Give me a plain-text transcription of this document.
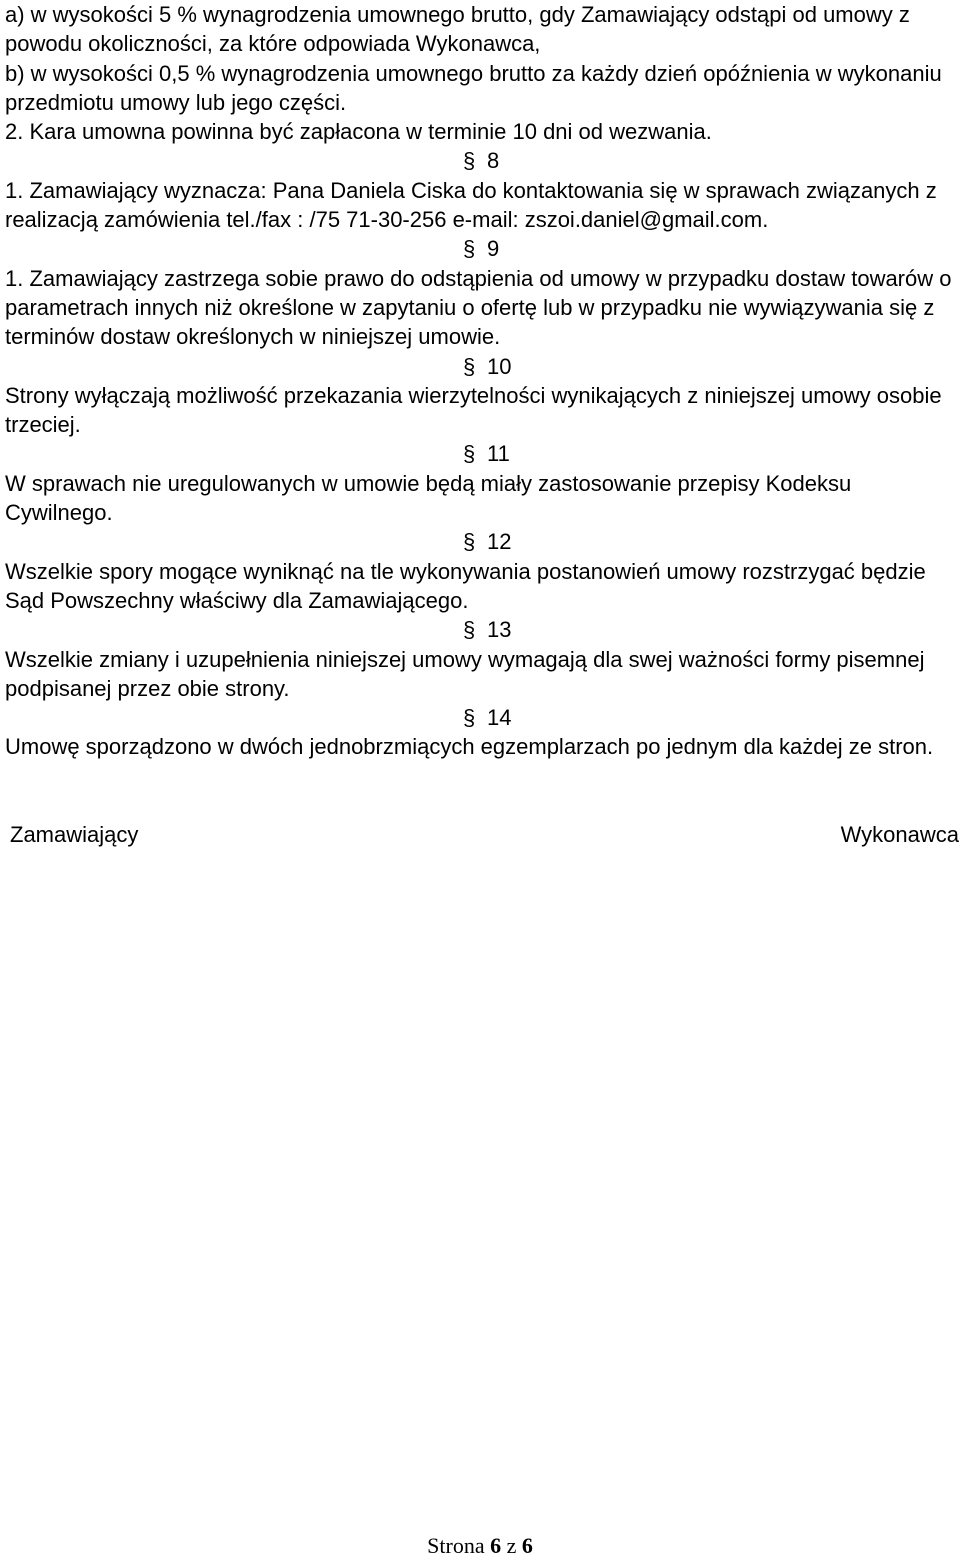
a) w wysokości 5 % wynagrodzenia umownego brutto, gdy Zamawiający odstąpi od umowy z powodu okoliczności, za które odpowiada Wykonawca,

b) w wysokości 0,5 % wynagrodzenia umownego brutto za każdy dzień opóźnienia w wykonaniu przedmiotu umowy lub jego części.

2. Kara umowna powinna być zapłacona w terminie 10 dni od wezwania.

§ 8

1. Zamawiający wyznacza: Pana Daniela Ciska do kontaktowania się w sprawach związanych z realizacją zamówienia tel./fax : /75 71-30-256 e-mail: zszoi.daniel@gmail.com.

§ 9

1. Zamawiający zastrzega sobie prawo do odstąpienia od umowy w przypadku dostaw towarów o parametrach innych niż określone w zapytaniu o ofertę lub w przypadku nie wywiązywania się z terminów dostaw określonych w niniejszej umowie.

§ 10

Strony wyłączają możliwość przekazania wierzytelności wynikających z niniejszej umowy osobie trzeciej.

§ 11

W sprawach nie uregulowanych w umowie będą miały zastosowanie przepisy Kodeksu Cywilnego.

§ 12

Wszelkie spory mogące wyniknąć na tle wykonywania postanowień umowy rozstrzygać będzie Sąd Powszechny właściwy dla Zamawiającego.

§ 13

Wszelkie zmiany i uzupełnienia niniejszej umowy wymagają dla swej ważności formy pisemnej podpisanej przez obie strony.

§ 14

Umowę sporządzono w dwóch jednobrzmiących egzemplarzach po jednym dla każdej ze stron.

Zamawiający	Wykonawca
Strona 6 z 6
